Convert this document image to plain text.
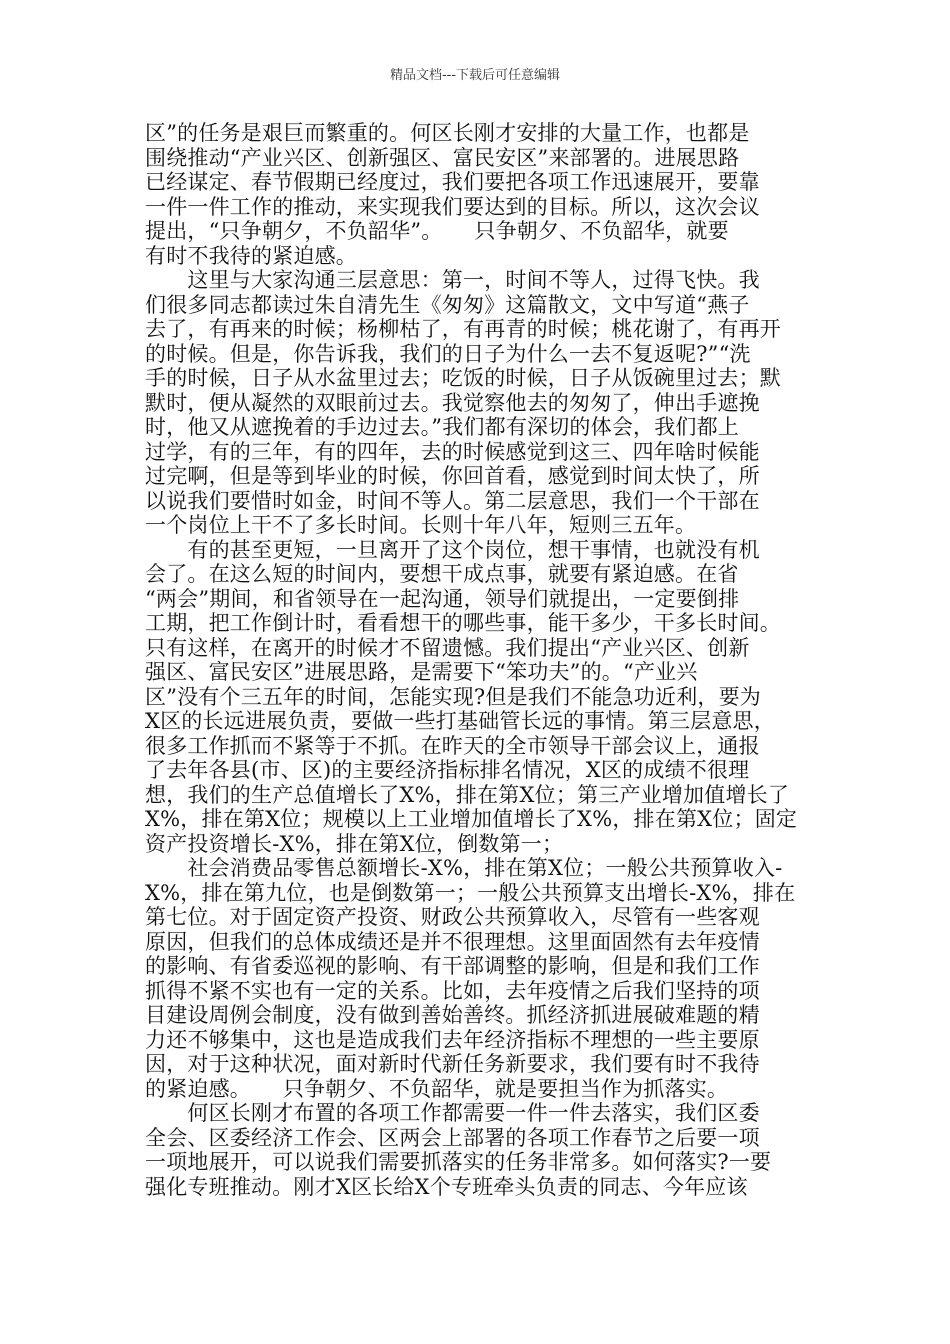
精品文档---下载后可任意编辑
区”的任务是艰巨而繁重的。何区长刚才安排的大量工作，也都是
围绕推动“产业兴区、创新强区、富民安区”来部署的。进展思路
已经谋定、春节假期已经度过，我们要把各项工作迅速展开，要靠
一件一件工作的推动，来实现我们要达到的目标。所以，这次会议
提出，“只争朝夕，不负韶华”。　　只争朝夕、不负韶华，就要
有时不我待的紧迫感。
　　这里与大家沟通三层意思：第一，时间不等人，过得飞快。我
们很多同志都读过朱自清先生《匆匆》这篇散文，文中写道“燕子
去了，有再来的时候；杨柳枯了，有再青的时候；桃花谢了，有再开
的时候。但是，你告诉我，我们的日子为什么一去不复返呢?”“洗
手的时候，日子从水盆里过去；吃饭的时候，日子从饭碗里过去；默
默时，便从凝然的双眼前过去。我觉察他去的匆匆了，伸出手遮挽
时，他又从遮挽着的手边过去。”我们都有深切的体会，我们都上
过学，有的三年，有的四年，去的时候感觉到这三、四年啥时候能
过完啊，但是等到毕业的时候，你回首看，感觉到时间太快了，所
以说我们要惜时如金，时间不等人。第二层意思，我们一个干部在
一个岗位上干不了多长时间。长则十年八年，短则三五年。
　　有的甚至更短，一旦离开了这个岗位，想干事情，也就没有机
会了。在这么短的时间内，要想干成点事，就要有紧迫感。在省
“两会”期间，和省领导在一起沟通，领导们就提出，一定要倒排
工期，把工作倒计时，看看想干的哪些事，能干多少，干多长时间。
只有这样，在离开的时候才不留遗憾。我们提出“产业兴区、创新
强区、富民安区”进展思路，是需要下“笨功夫”的。“产业兴
区”没有个三五年的时间，怎能实现?但是我们不能急功近利，要为
X区的长远进展负责，要做一些打基础管长远的事情。第三层意思，
很多工作抓而不紧等于不抓。在昨天的全市领导干部会议上，通报
了去年各县(市、区)的主要经济指标排名情况，X区的成绩不很理
想，我们的生产总值增长了X%，排在第X位；第三产业增加值增长了
X%，排在第X位；规模以上工业增加值增长了X%，排在第X位；固定
资产投资增长-X%，排在第X位，倒数第一；
　　社会消费品零售总额增长-X%，排在第X位；一般公共预算收入-
X%，排在第九位，也是倒数第一；一般公共预算支出增长-X%，排在
第七位。对于固定资产投资、财政公共预算收入，尽管有一些客观
原因，但我们的总体成绩还是并不很理想。这里面固然有去年疫情
的影响、有省委巡视的影响、有干部调整的影响，但是和我们工作
抓得不紧不实也有一定的关系。比如，去年疫情之后我们坚持的项
目建设周例会制度，没有做到善始善终。抓经济抓进展破难题的精
力还不够集中，这也是造成我们去年经济指标不理想的一些主要原
因，对于这种状况，面对新时代新任务新要求，我们要有时不我待
的紧迫感。　　只争朝夕、不负韶华，就是要担当作为抓落实。
　　何区长刚才布置的各项工作都需要一件一件去落实，我们区委
全会、区委经济工作会、区两会上部署的各项工作春节之后要一项
一项地展开，可以说我们需要抓落实的任务非常多。如何落实?一要
强化专班推动。刚才X区长给X个专班牵头负责的同志、今年应该
